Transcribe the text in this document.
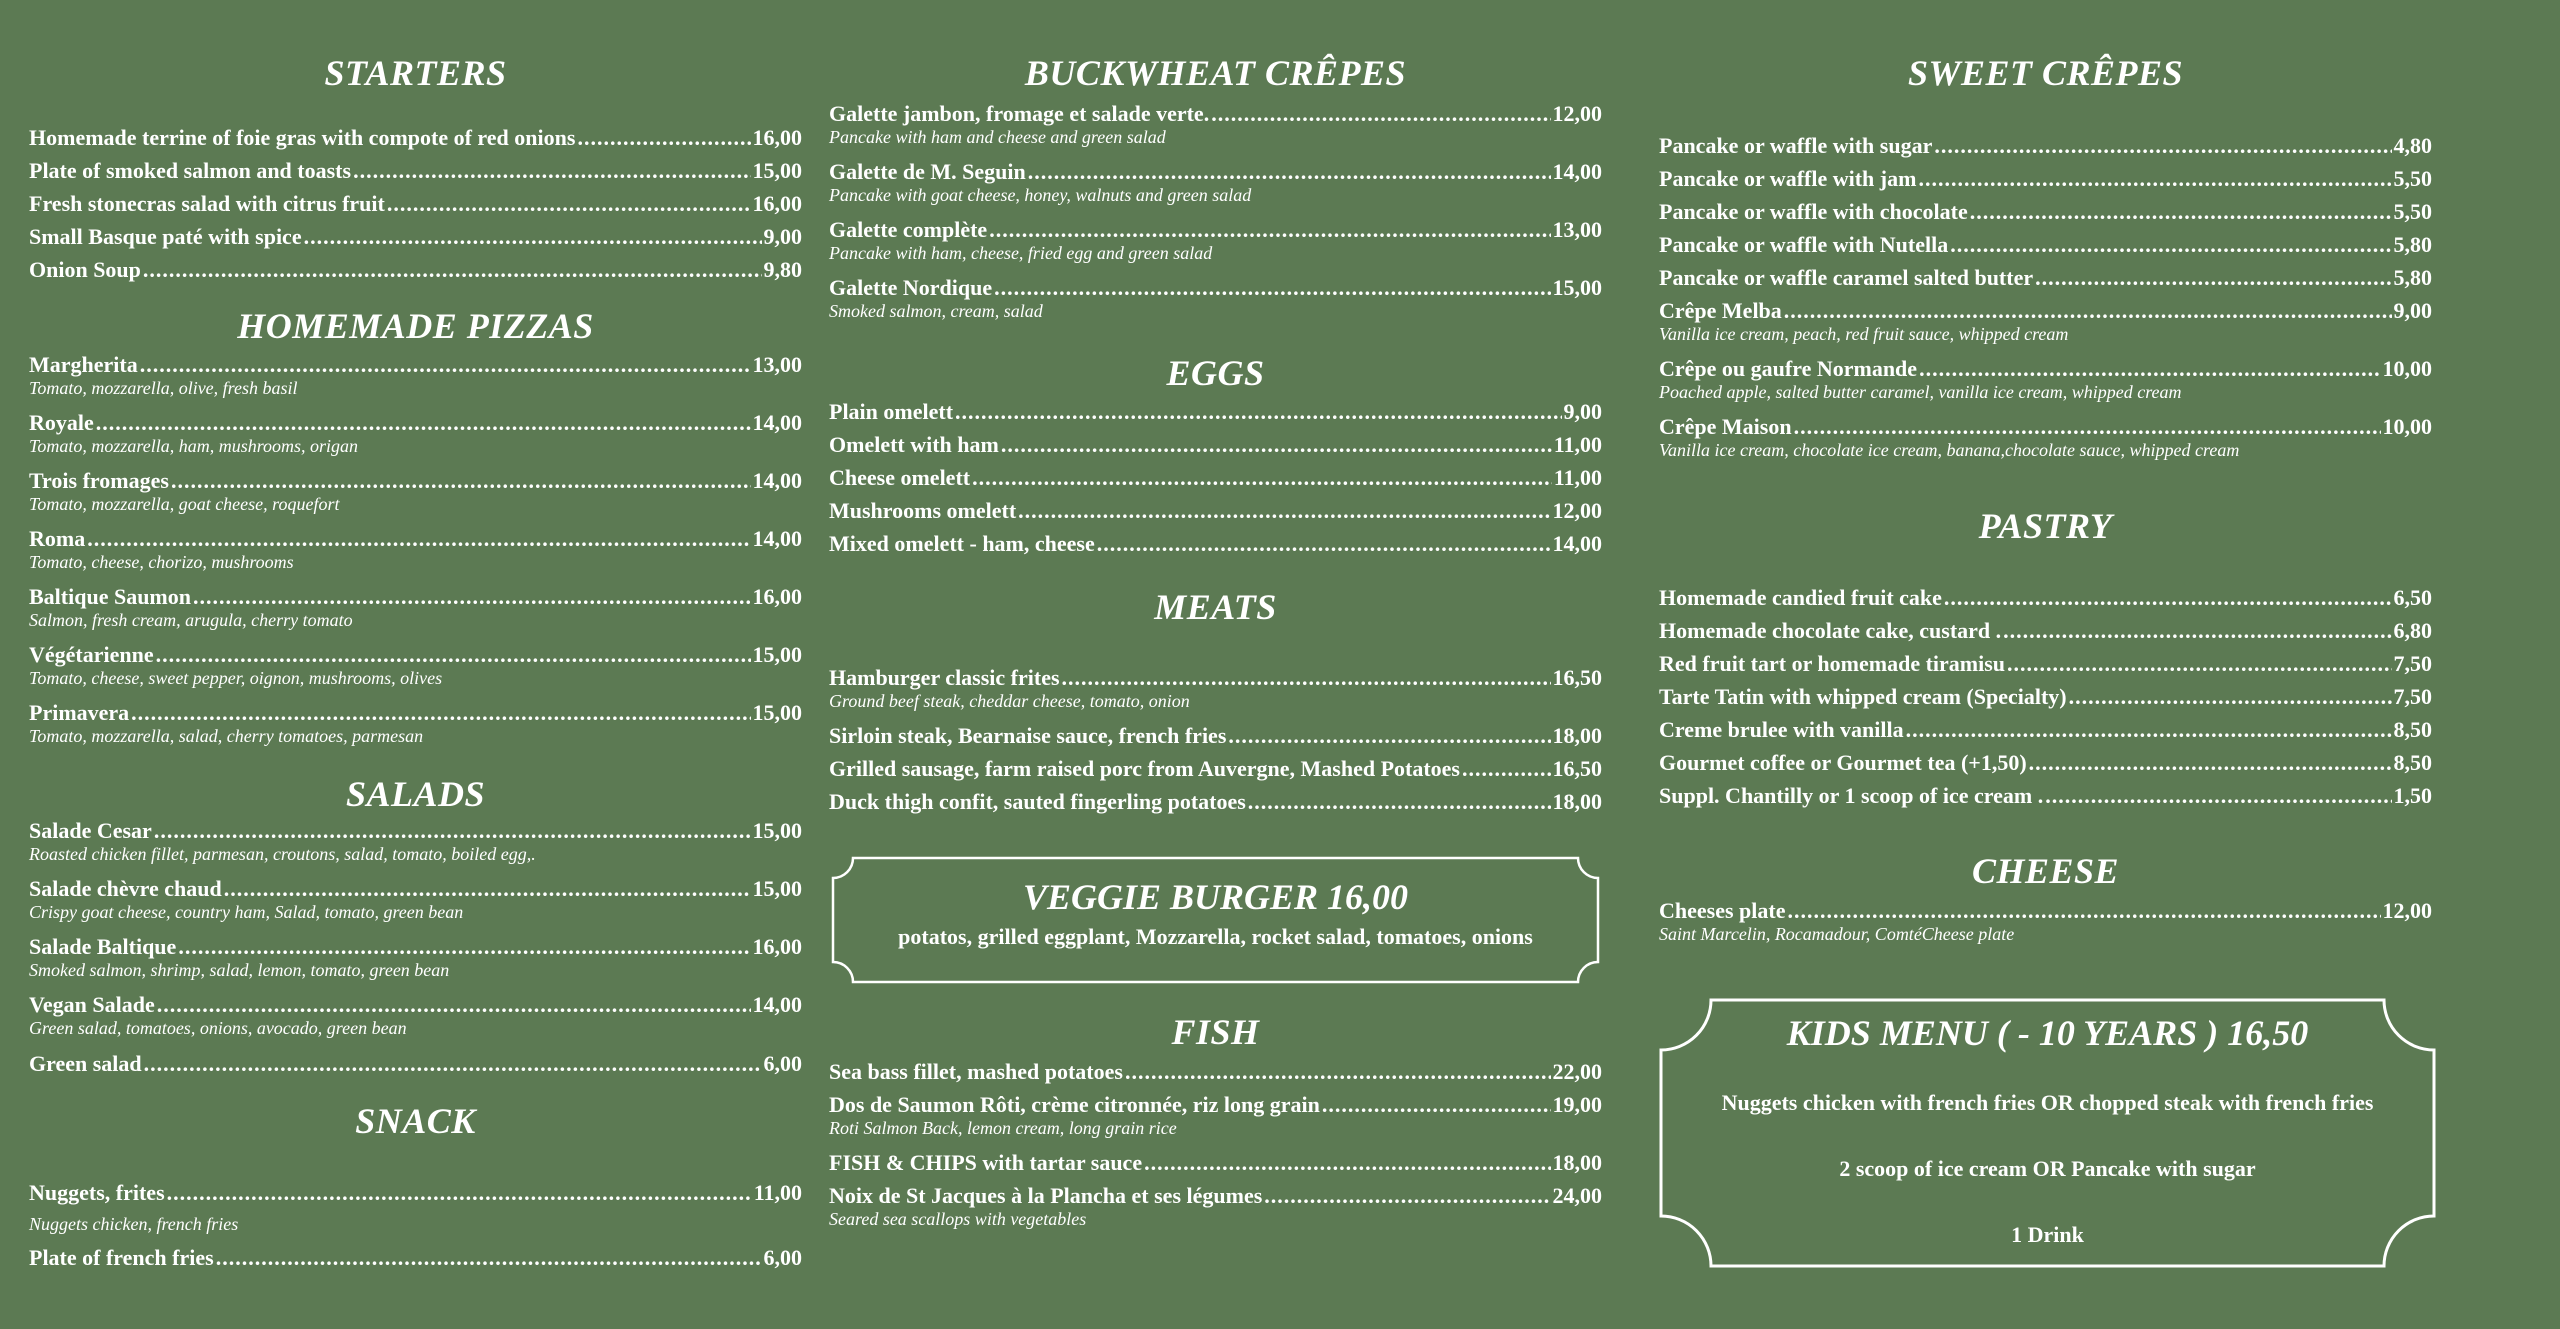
STARTERS
Homemade terrine of foie gras with compote of red onions .....	16,00
Plate of smoked salmon and toasts .....	15,00
Fresh stonecras salad with citrus fruit .....	16,00
Small Basque paté with spice .....	9,00
Onion Soup .....	9,80
HOMEMADE PIZZAS
Margherita .....	13,00
Tomato, mozzarella, olive, fresh basil
Royale .....	14,00
Tomato, mozzarella, ham, mushrooms, origan
Trois fromages .....	14,00
Tomato, mozzarella, goat cheese, roquefort
Roma .....	14,00
Tomato, cheese, chorizo, mushrooms
Baltique Saumon .....	16,00
Salmon, fresh cream, arugula, cherry tomato
Végétarienne .....	15,00
Tomato, cheese, sweet pepper, oignon, mushrooms, olives
Primavera .....	15,00
Tomato, mozzarella, salad, cherry tomatoes, parmesan
SALADS
Salade Cesar .....	15,00
Roasted chicken fillet, parmesan, croutons, salad, tomato, boiled egg,.
Salade chèvre chaud .....	15,00
Crispy goat cheese, country ham, Salad, tomato, green bean
Salade Baltique .....	16,00
Smoked salmon, shrimp, salad, lemon, tomato, green bean
Vegan Salade .....	14,00
Green salad, tomatoes, onions, avocado, green bean
Green salad .....	6,00
SNACK
Nuggets, frites .....	11,00
Nuggets chicken, french fries
Plate of french fries .....	6,00
BUCKWHEAT CRÊPES
Galette jambon, fromage et salade verte. .....	12,00
Pancake with ham and cheese and green salad
Galette de M. Seguin .....	14,00
Pancake with goat cheese, honey, walnuts and green salad
Galette complète .....	13,00
Pancake with ham, cheese, fried egg and green salad
Galette Nordique .....	15,00
Smoked salmon, cream, salad
EGGS
Plain omelett .....	9,00
Omelett with ham .....	11,00
Cheese omelett .....	11,00
Mushrooms omelett .....	12,00
Mixed omelett - ham, cheese .....	14,00
MEATS
Hamburger classic frites .....	16,50
Ground beef steak, cheddar cheese, tomato, onion
Sirloin steak, Bearnaise sauce, french fries .....	18,00
Grilled sausage, farm raised porc from Auvergne, Mashed Potatoes .....	16,50
Duck thigh confit, sauted fingerling potatoes .....	18,00
VEGGIE BURGER 16,00
potatos, grilled eggplant, Mozzarella, rocket salad, tomatoes, onions
FISH
Sea bass fillet, mashed potatoes .....	22,00
Dos de Saumon Rôti, crème citronnée, riz long grain .....	19,00
Roti Salmon Back, lemon cream, long grain rice
FISH & CHIPS with tartar sauce .....	18,00
Noix de St Jacques à la Plancha et ses légumes .....	24,00
Seared sea scallops with vegetables
SWEET CRÊPES
Pancake or waffle with sugar .....	4,80
Pancake or waffle with jam .....	5,50
Pancake or waffle with chocolate .....	5,50
Pancake or waffle with Nutella .....	5,80
Pancake or waffle caramel salted butter .....	5,80
Crêpe Melba .....	9,00
Vanilla ice cream, peach, red fruit sauce, whipped cream
Crêpe ou gaufre Normande .....	10,00
Poached apple, salted butter caramel, vanilla ice cream, whipped cream
Crêpe Maison .....	10,00
Vanilla ice cream, chocolate ice cream, banana,chocolate sauce, whipped cream
PASTRY
Homemade candied fruit cake .....	6,50
Homemade chocolate cake, custard . .....	6,80
Red fruit tart or homemade tiramisu .....	7,50
Tarte Tatin with whipped cream (Specialty) .....	7,50
Creme brulee with vanilla .....	8,50
Gourmet coffee or Gourmet tea (+1,50) .....	8,50
Suppl. Chantilly or 1 scoop of ice cream . .....	1,50
CHEESE
Cheeses plate .....	12,00
Saint Marcelin, Rocamadour, ComtéCheese plate
KIDS MENU ( - 10 YEARS ) 16,50
Nuggets chicken with french fries OR chopped steak with french fries
2 scoop of ice cream OR Pancake with sugar
1 Drink
